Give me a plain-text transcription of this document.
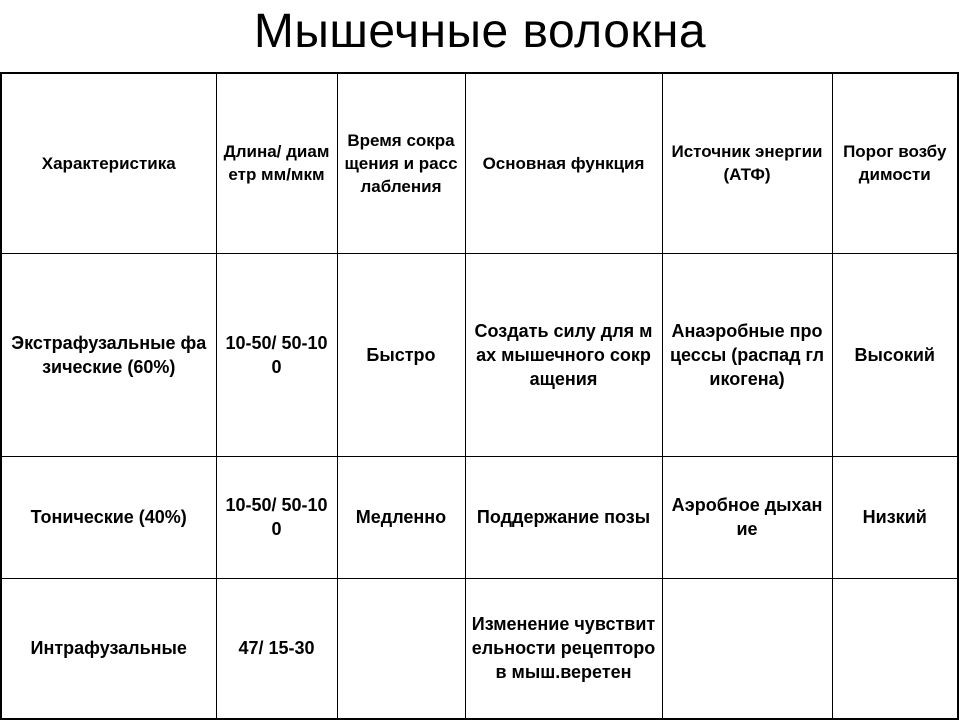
Мышечные волокна
Характеристика	Длина/ диаметр мм/мкм	Время сокращения и расслабления	Основная функция	Источник энергии (АТФ)	Порог возбудимости
Экстрафузальные фазические (60%)	10-50/ 50-100	Быстро	Создать силу для мах мышечного сокращения	Анаэробные процессы (распад гликогена)	Высокий
Тонические (40%)	10-50/ 50-100	Медленно	Поддержание позы	Аэробное дыхание	Низкий
Интрафузальные	47/ 15-30		Изменение чувствительности рецепторов мыш.веретен		
